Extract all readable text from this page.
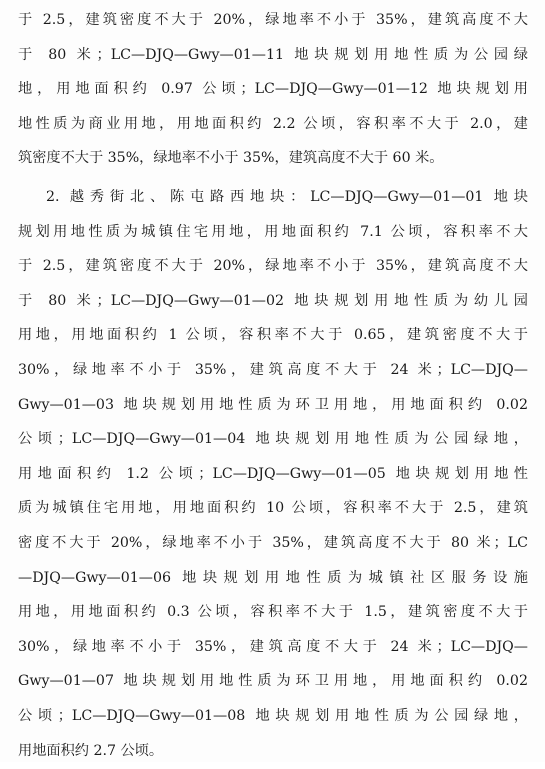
于 2.5，建筑密度不大于 20%，绿地率不小于 35%，建筑高度不大
于 80 米；LC—DJQ—Gwy—01—11 地块规划用地性质为公园绿
地，用地面积约 0.97 公顷；LC—DJQ—Gwy—01—12 地块规划用
地性质为商业用地，用地面积约 2.2 公顷，容积率不大于 2.0，建
筑密度不大于 35%，绿地率不小于 35%，建筑高度不大于 60 米。
2. 越秀街北、陈屯路西地块：LC—DJQ—Gwy—01—01 地块
规划用地性质为城镇住宅用地，用地面积约 7.1 公顷，容积率不大
于 2.5，建筑密度不大于 20%，绿地率不小于 35%，建筑高度不大
于 80 米；LC—DJQ—Gwy—01—02 地块规划用地性质为幼儿园
用地，用地面积约 1 公顷，容积率不大于 0.65，建筑密度不大于
30%，绿地率不小于 35%，建筑高度不大于 24 米；LC—DJQ—
Gwy—01—03 地块规划用地性质为环卫用地，用地面积约 0.02
公顷；LC—DJQ—Gwy—01—04 地块规划用地性质为公园绿地，
用地面积约 1.2 公顷；LC—DJQ—Gwy—01—05 地块规划用地性
质为城镇住宅用地，用地面积约 10 公顷，容积率不大于 2.5，建筑
密度不大于 20%，绿地率不小于 35%，建筑高度不大于 80 米；LC
—DJQ—Gwy—01—06 地块规划用地性质为城镇社区服务设施
用地，用地面积约 0.3 公顷，容积率不大于 1.5，建筑密度不大于
30%，绿地率不小于 35%，建筑高度不大于 24 米；LC—DJQ—
Gwy—01—07 地块规划用地性质为环卫用地，用地面积约 0.02
公顷；LC—DJQ—Gwy—01—08 地块规划用地性质为公园绿地，
用地面积约 2.7 公顷。
